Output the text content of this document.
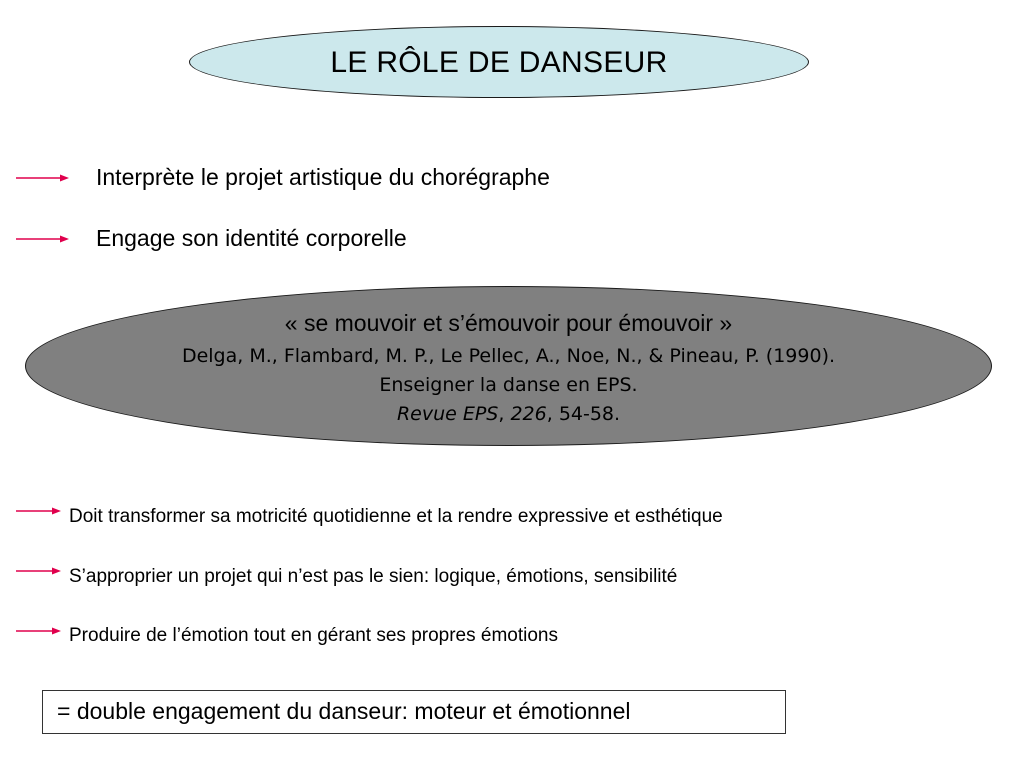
LE RÔLE DE DANSEUR
Interprète le projet artistique du chorégraphe
Engage son identité corporelle
« se mouvoir et s’émouvoir pour émouvoir »
Delga, M., Flambard, M. P., Le Pellec, A., Noe, N., & Pineau, P. (1990).
Enseigner la danse en EPS.
Revue EPS, 226, 54-58.
Doit transformer sa motricité quotidienne et la rendre expressive et esthétique
S’approprier un projet qui n’est pas le sien: logique, émotions, sensibilité
Produire de l’émotion tout en gérant ses propres émotions
= double engagement du danseur: moteur et émotionnel
